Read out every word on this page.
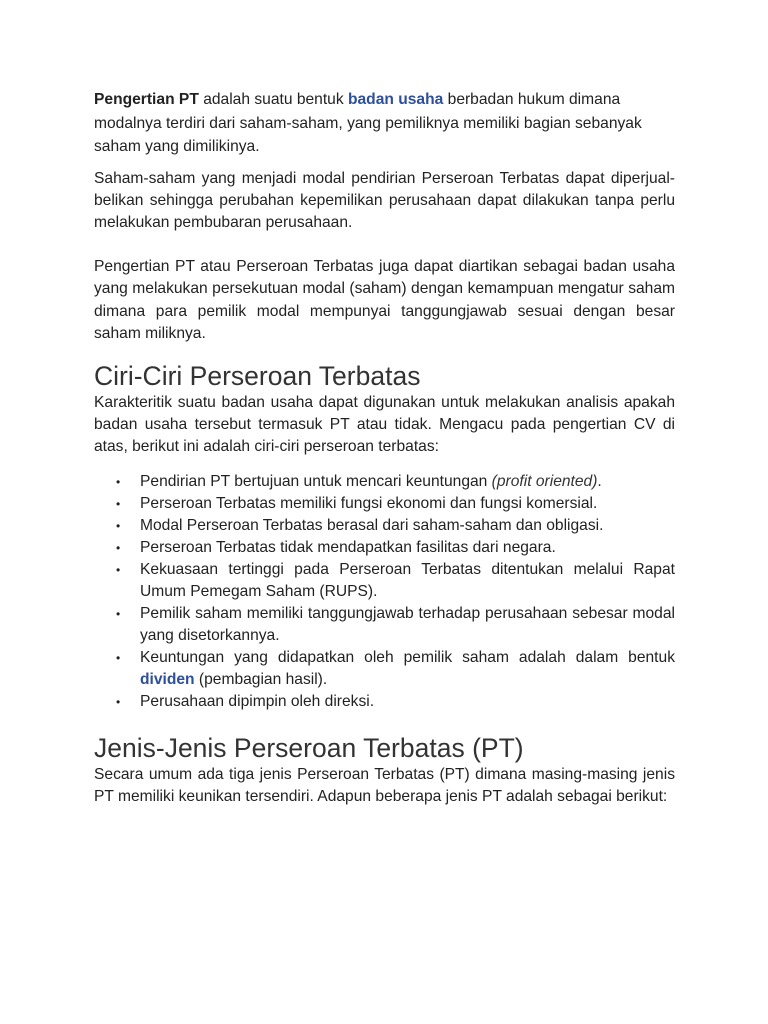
Pengertian PT adalah suatu bentuk badan usaha berbadan hukum dimana modalnya terdiri dari saham-saham, yang pemiliknya memiliki bagian sebanyak saham yang dimilikinya.

Saham-saham yang menjadi modal pendirian Perseroan Terbatas dapat diperjual-belikan sehingga perubahan kepemilikan perusahaan dapat dilakukan tanpa perlu melakukan pembubaran perusahaan.

Pengertian PT atau Perseroan Terbatas juga dapat diartikan sebagai badan usaha yang melakukan persekutuan modal (saham) dengan kemampuan mengatur saham dimana para pemilik modal mempunyai tanggungjawab sesuai dengan besar saham miliknya.

Ciri-Ciri Perseroan Terbatas

Karakteritik suatu badan usaha dapat digunakan untuk melakukan analisis apakah badan usaha tersebut termasuk PT atau tidak. Mengacu pada pengertian CV di atas, berikut ini adalah ciri-ciri perseroan terbatas:

• Pendirian PT bertujuan untuk mencari keuntungan (profit oriented).
• Perseroan Terbatas memiliki fungsi ekonomi dan fungsi komersial.
• Modal Perseroan Terbatas berasal dari saham-saham dan obligasi.
• Perseroan Terbatas tidak mendapatkan fasilitas dari negara.
• Kekuasaan tertinggi pada Perseroan Terbatas ditentukan melalui Rapat Umum Pemegam Saham (RUPS).
• Pemilik saham memiliki tanggungjawab terhadap perusahaan sebesar modal yang disetorkannya.
• Keuntungan yang didapatkan oleh pemilik saham adalah dalam bentuk dividen (pembagian hasil).
• Perusahaan dipimpin oleh direksi.
Jenis-Jenis Perseroan Terbatas (PT)

Secara umum ada tiga jenis Perseroan Terbatas (PT) dimana masing-masing jenis PT memiliki keunikan tersendiri. Adapun beberapa jenis PT adalah sebagai berikut:
